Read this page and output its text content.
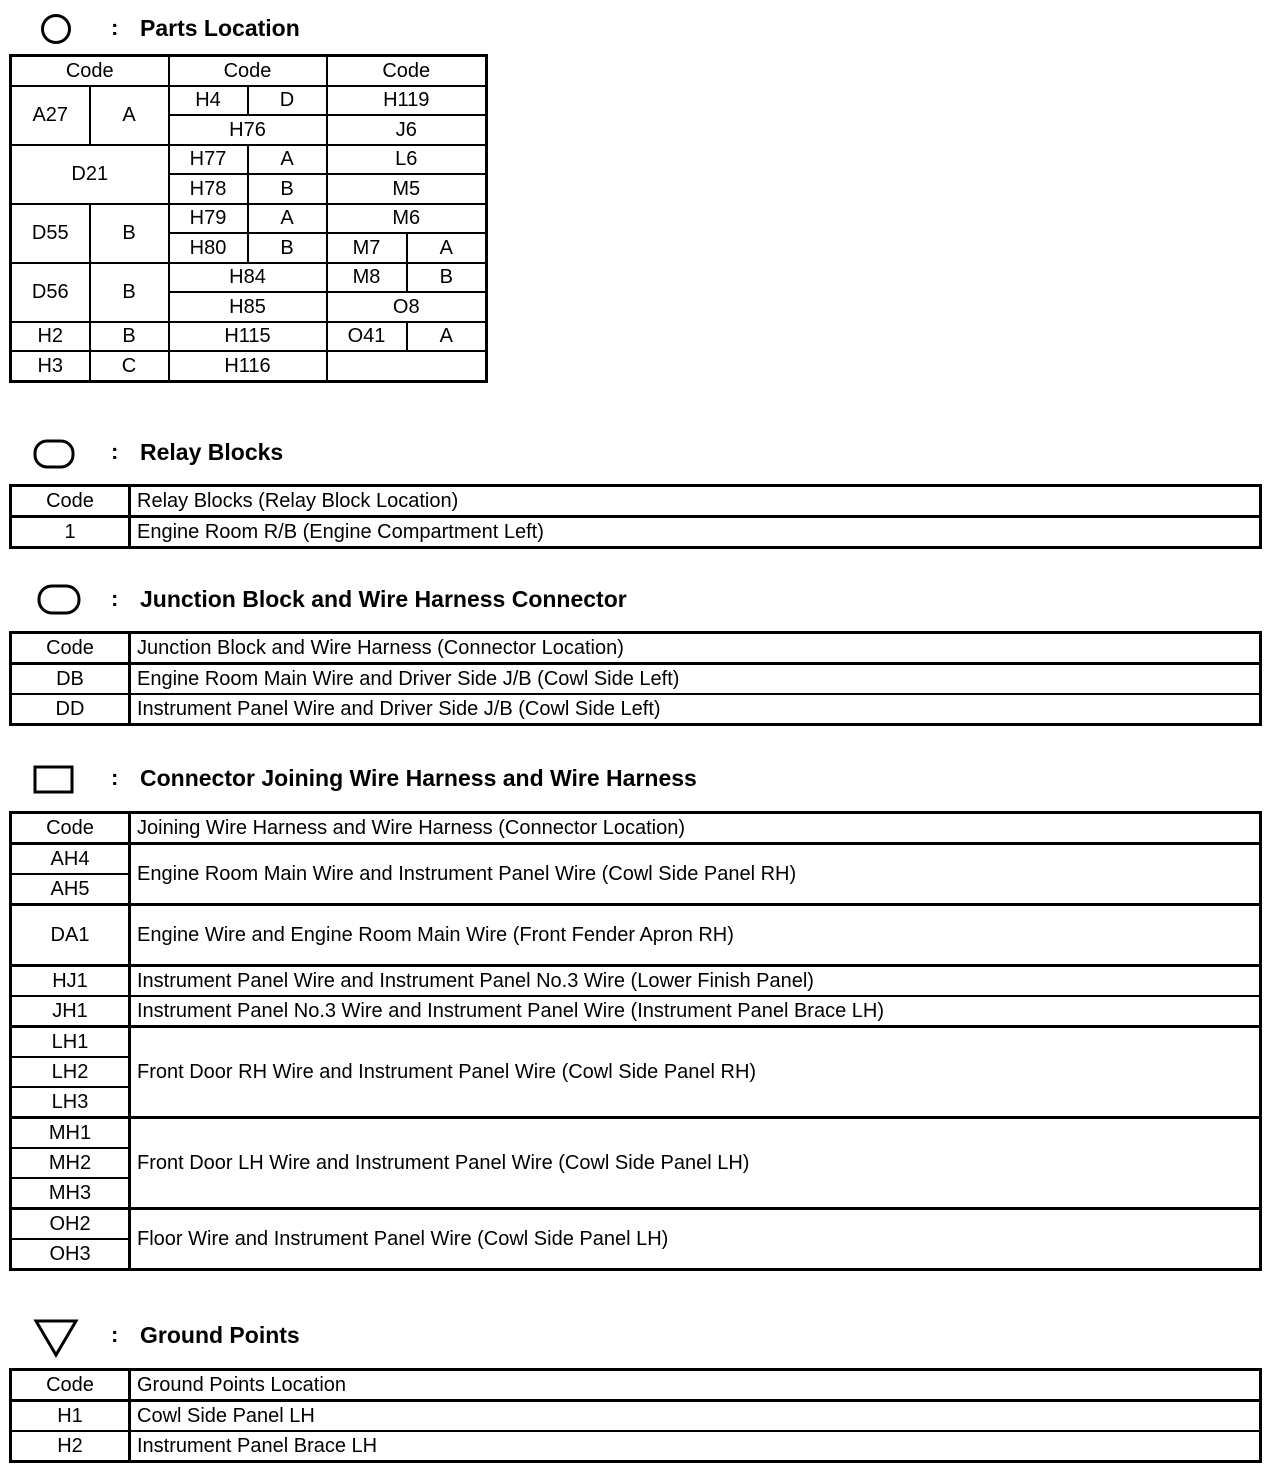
: Parts Location
Code		Code		Code	
A27	A	H4	D	H119	
		H76		J6	
D21		H77	A	L6	
		H78	B	M5	
D55	B	H79	A	M6	
		H80	B	M7	A
D56	B	H84		M8	B
		H85		O8	
H2	B	H115		O41	A
H3	C	H116			
: Relay Blocks
Code	Relay Blocks (Relay Block Location)
1	Engine Room R/B (Engine Compartment Left)
: Junction Block and Wire Harness Connector
Code	Junction Block and Wire Harness (Connector Location)
DB	Engine Room Main Wire and Driver Side J/B (Cowl Side Left)
DD	Instrument Panel Wire and Driver Side J/B (Cowl Side Left)
: Connector Joining Wire Harness and Wire Harness
Code	Joining Wire Harness and Wire Harness (Connector Location)
AH4	Engine Room Main Wire and Instrument Panel Wire (Cowl Side Panel RH)
AH5	
DA1	Engine Wire and Engine Room Main Wire (Front Fender Apron RH)
HJ1	Instrument Panel Wire and Instrument Panel No.3 Wire (Lower Finish Panel)
JH1	Instrument Panel No.3 Wire and Instrument Panel Wire (Instrument Panel Brace LH)
LH1	Front Door RH Wire and Instrument Panel Wire (Cowl Side Panel RH)
LH2	
LH3	
MH1	Front Door LH Wire and Instrument Panel Wire (Cowl Side Panel LH)
MH2	
MH3	
OH2	Floor Wire and Instrument Panel Wire (Cowl Side Panel LH)
OH3	
: Ground Points
Code	Ground Points Location
H1	Cowl Side Panel LH
H2	Instrument Panel Brace LH
